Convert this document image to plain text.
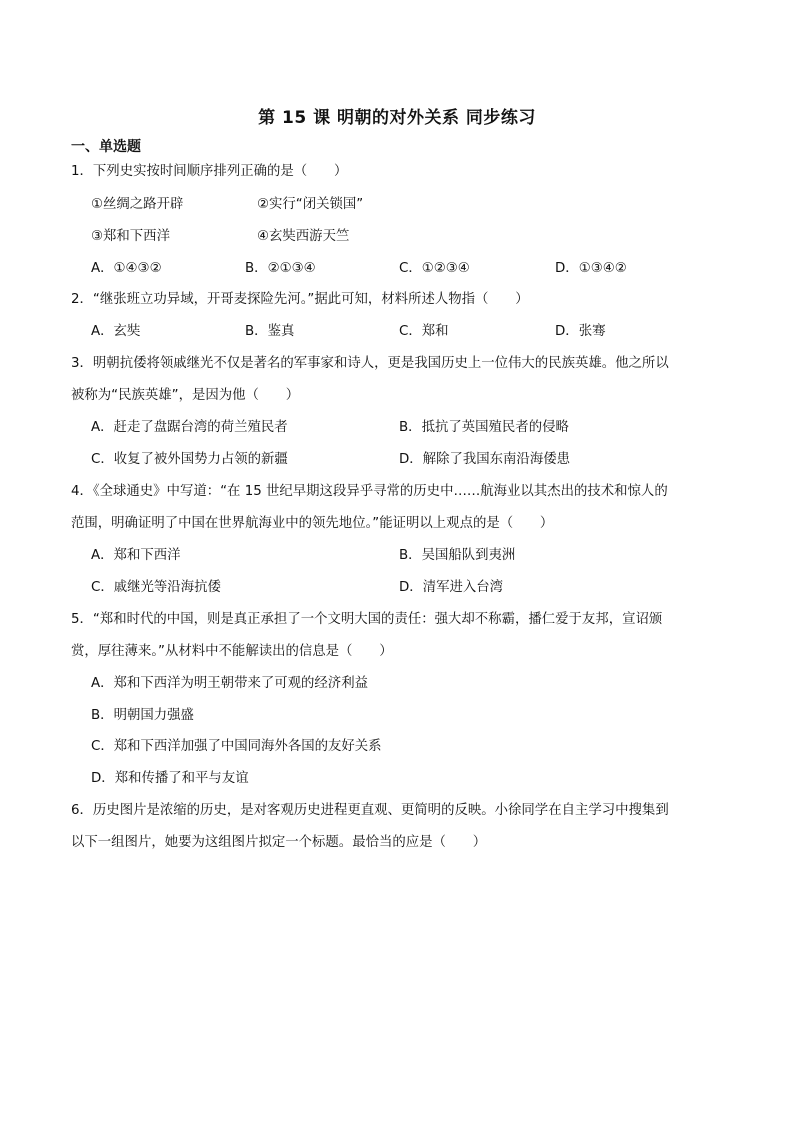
第 15 课 明朝的对外关系 同步练习
一、单选题
1．下列史实按时间顺序排列正确的是（　　）
①丝绸之路开辟	②实行“闭关锁国”
③郑和下西洋	④玄奘西游天竺
A．①④③②	B．②①③④	C．①②③④	D．①③④②
2．“继张班立功异域，开哥麦探险先河。”据此可知，材料所述人物指（　　）
A．玄奘	B．鉴真	C．郑和	D．张骞
3．明朝抗倭将领戚继光不仅是著名的军事家和诗人，更是我国历史上一位伟大的民族英雄。他之所以
被称为“民族英雄”，是因为他（　　）
A．赶走了盘踞台湾的荷兰殖民者	B．抵抗了英国殖民者的侵略
C．收复了被外国势力占领的新疆	D．解除了我国东南沿海倭患
4．《全球通史》中写道：“在 15 世纪早期这段异乎寻常的历史中……航海业以其杰出的技术和惊人的
范围，明确证明了中国在世界航海业中的领先地位。”能证明以上观点的是（　　）
A．郑和下西洋	B．吴国船队到夷洲
C．戚继光等沿海抗倭	D．清军进入台湾
5．“郑和时代的中国，则是真正承担了一个文明大国的责任：强大却不称霸，播仁爱于友邦，宣诏颁
赏，厚往薄来。”从材料中不能解读出的信息是（　　）
A．郑和下西洋为明王朝带来了可观的经济利益
B．明朝国力强盛
C．郑和下西洋加强了中国同海外各国的友好关系
D．郑和传播了和平与友谊
6．历史图片是浓缩的历史，是对客观历史进程更直观、更简明的反映。小徐同学在自主学习中搜集到
以下一组图片，她要为这组图片拟定一个标题。最恰当的应是（　　）
